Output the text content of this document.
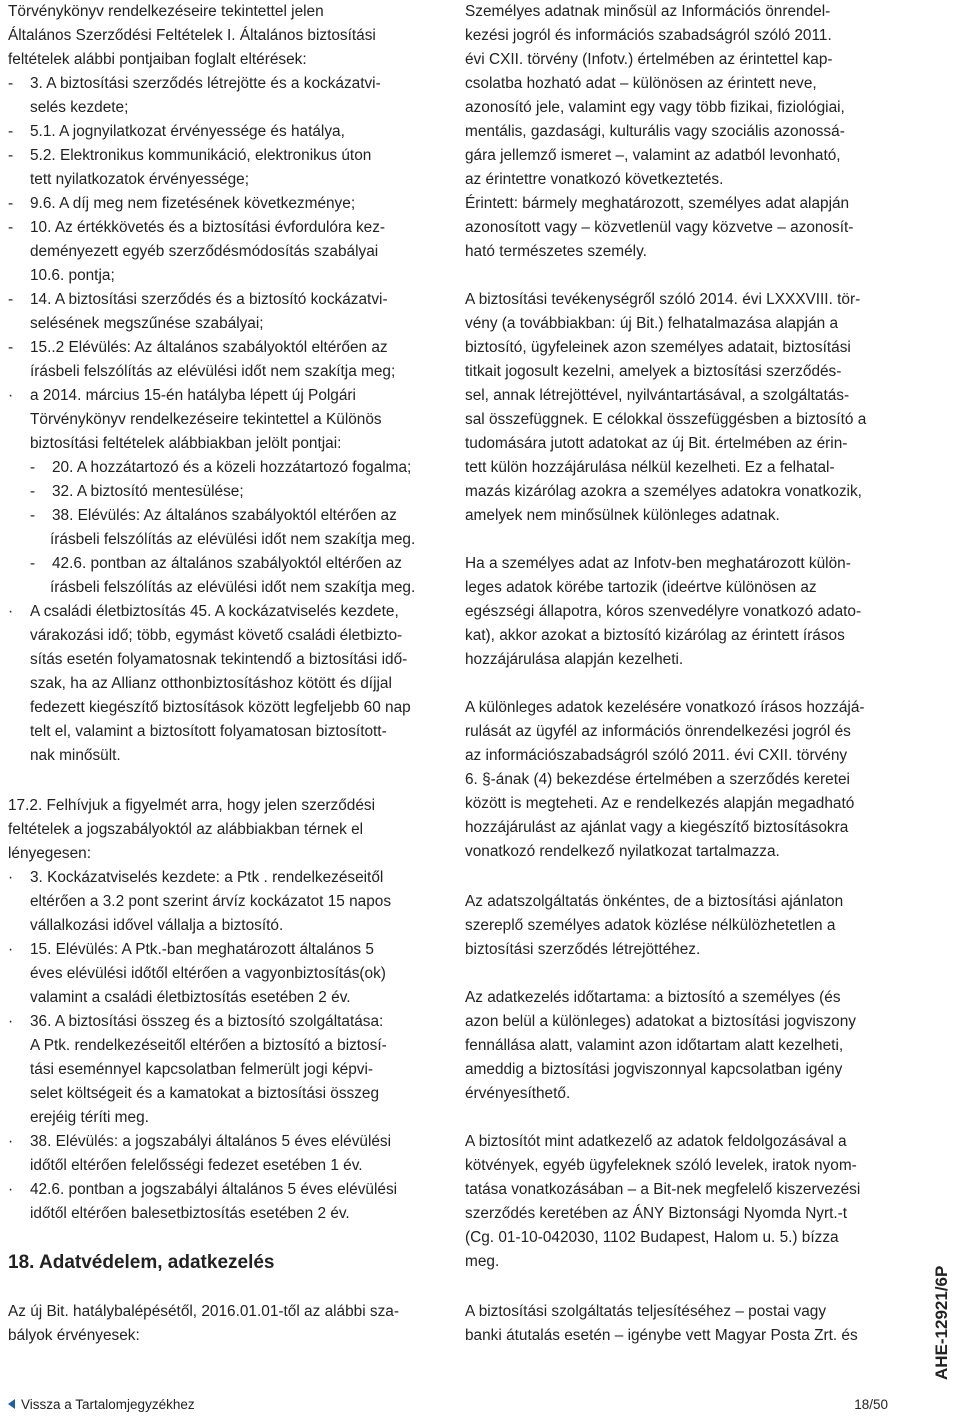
Törvénykönyv rendelkezéseire tekintettel jelen
Általános Szerződési Feltételek I. Általános biztosítási
feltételek alábbi pontjaiban foglalt eltérések:
- 3. A biztosítási szerződés létrejötte és a kockázatvi-
selés kezdete;
- 5.1. A jognyilatkozat érvényessége és hatálya,
- 5.2. Elektronikus kommunikáció, elektronikus úton
tett nyilatkozatok érvényessége;
- 9.6. A díj meg nem fizetésének következménye;
- 10. Az értékkövetés és a biztosítási évfordulóra kez-
deményezett egyéb szerződésmódosítás szabályai
10.6. pontja;
- 14. A biztosítási szerződés és a biztosító kockázatvi-
selésének megszűnése szabályai;
- 15..2 Elévülés: Az általános szabályoktól eltérően az
írásbeli felszólítás az elévülési időt nem szakítja meg;
· a 2014. március 15-én hatályba lépett új Polgári
Törvénykönyv rendelkezéseire tekintettel a Különös
biztosítási feltételek alábbiakban jelölt pontjai:
- 20. A hozzátartozó és a közeli hozzátartozó fogalma;
- 32. A biztosító mentesülése;
- 38. Elévülés: Az általános szabályoktól eltérően az
írásbeli felszólítás az elévülési időt nem szakítja meg.
- 42.6. pontban az általános szabályoktól eltérően az
írásbeli felszólítás az elévülési időt nem szakítja meg.
· A családi életbiztosítás 45. A kockázatviselés kezdete,
várakozási idő; több, egymást követő családi életbizto-
sítás esetén folyamatosnak tekintendő a biztosítási idő-
szak, ha az Allianz otthonbiztosításhoz kötött és díjjal
fedezett kiegészítő biztosítások között legfeljebb 60 nap
telt el, valamint a biztosított folyamatosan biztosított-
nak minősült.
17.2. Felhívjuk a figyelmét arra, hogy jelen szerződési
feltételek a jogszabályoktól az alábbiakban térnek el
lényegesen:
· 3. Kockázatviselés kezdete: a Ptk . rendelkezéseitől
eltérően a 3.2 pont szerint árvíz kockázatot 15 napos
vállalkozási idővel vállalja a biztosító.
· 15. Elévülés: A Ptk.-ban meghatározott általános 5
éves elévülési időtől eltérően a vagyonbiztosítás(ok)
valamint a családi életbiztosítás esetében 2 év.
· 36. A biztosítási összeg és a biztosító szolgáltatása:
A Ptk. rendelkezéseitől eltérően a biztosító a biztosí-
tási eseménnyel kapcsolatban felmerült jogi képvi-
selet költségeit és a kamatokat a biztosítási összeg
erejéig téríti meg.
· 38. Elévülés: a jogszabályi általános 5 éves elévülési
időtől eltérően felelősségi fedezet esetében 1 év.
· 42.6. pontban a jogszabályi általános 5 éves elévülési
időtől eltérően balesetbiztosítás esetében 2 év.
18. Adatvédelem, adatkezelés
Az új Bit. hatálybalépésétől, 2016.01.01-től az alábbi sza-
bályok érvényesek:
Személyes adatnak minősül az Információs önrendel-
kezési jogról és információs szabadságról szóló 2011.
évi CXII. törvény (Infotv.) értelmében az érintettel kap-
csolatba hozható adat – különösen az érintett neve,
azonosító jele, valamint egy vagy több fizikai, fiziológiai,
mentális, gazdasági, kulturális vagy szociális azonossá-
gára jellemző ismeret –, valamint az adatból levonható,
az érintettre vonatkozó következtetés.
Érintett: bármely meghatározott, személyes adat alapján
azonosított vagy – közvetlenül vagy közvetve – azonosít-
ható természetes személy.
A biztosítási tevékenységről szóló 2014. évi LXXXVIII. tör-
vény (a továbbiakban: új Bit.) felhatalmazása alapján a
biztosító, ügyfeleinek azon személyes adatait, biztosítási
titkait jogosult kezelni, amelyek a biztosítási szerződés-
sel, annak létrejöttével, nyilvántartásával, a szolgáltatás-
sal összefüggnek. E célokkal összefüggésben a biztosító a
tudomására jutott adatokat az új Bit. értelmében az érin-
tett külön hozzájárulása nélkül kezelheti. Ez a felhatal-
mazás kizárólag azokra a személyes adatokra vonatkozik,
amelyek nem minősülnek különleges adatnak.
Ha a személyes adat az Infotv-ben meghatározott külön-
leges adatok körébe tartozik (ideértve különösen az
egészségi állapotra, kóros szenvedélyre vonatkozó adato-
kat), akkor azokat a biztosító kizárólag az érintett írásos
hozzájárulása alapján kezelheti.
A különleges adatok kezelésére vonatkozó írásos hozzájá-
rulását az ügyfél az információs önrendelkezési jogról és
az információszabadságról szóló 2011. évi CXII. törvény
6. §-ának (4) bekezdése értelmében a szerződés keretei
között is megteheti. Az e rendelkezés alapján megadható
hozzájárulást az ajánlat vagy a kiegészítő biztosításokra
vonatkozó rendelkező nyilatkozat tartalmazza.
Az adatszolgáltatás önkéntes, de a biztosítási ajánlaton
szereplő személyes adatok közlése nélkülözhetetlen a
biztosítási szerződés létrejöttéhez.
Az adatkezelés időtartama: a biztosító a személyes (és
azon belül a különleges) adatokat a biztosítási jogviszony
fennállása alatt, valamint azon időtartam alatt kezelheti,
ameddig a biztosítási jogviszonnyal kapcsolatban igény
érvényesíthető.
A biztosítót mint adatkezelő az adatok feldolgozásával a
kötvények, egyéb ügyfeleknek szóló levelek, iratok nyom-
tatása vonatkozásában – a Bit-nek megfelelő kiszervezési
szerződés keretében az ÁNY Biztonsági Nyomda Nyrt.-t
(Cg. 01-10-042030, 1102 Budapest, Halom u. 5.) bízza
meg.
A biztosítási szolgáltatás teljesítéséhez – postai vagy
banki átutalás esetén – igénybe vett Magyar Posta Zrt. és	AHE-12921/6P
Vissza a Tartalomjegyzékhez	18/50
